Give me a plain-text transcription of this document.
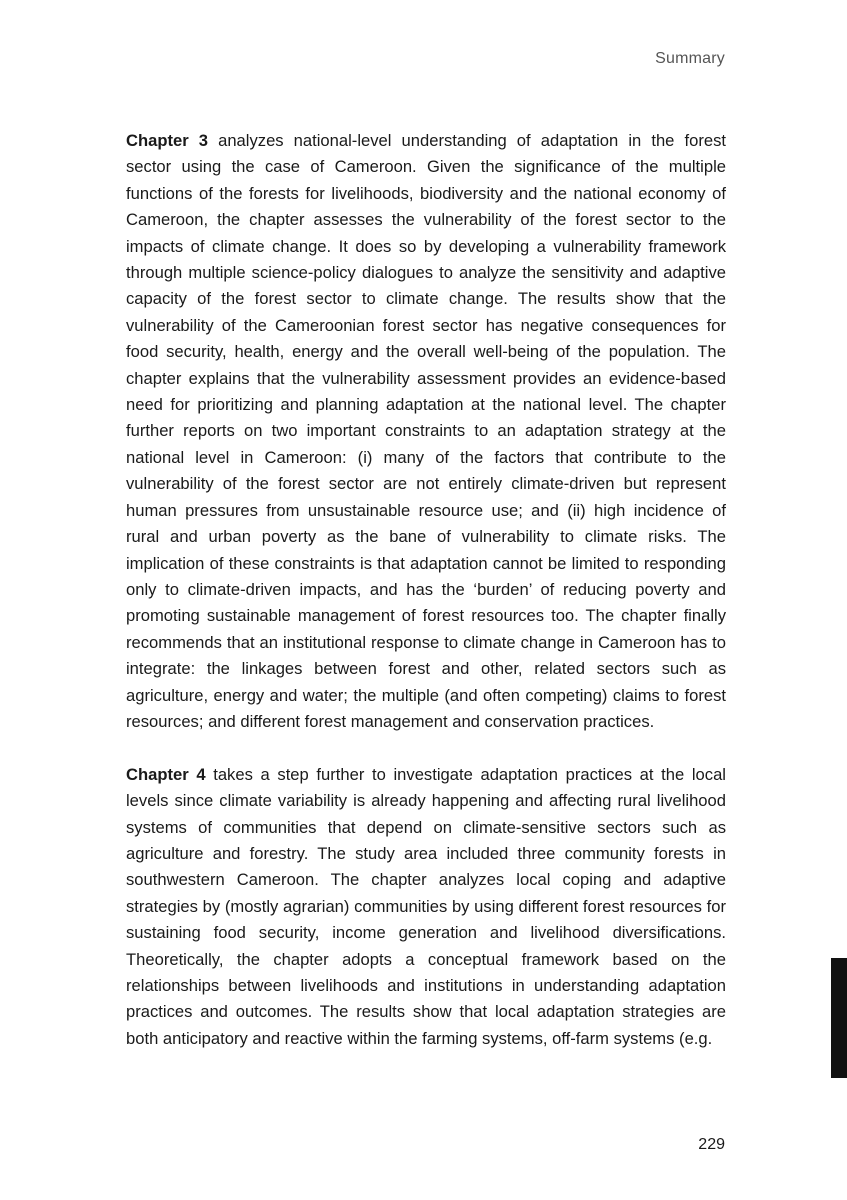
Summary

Chapter 3 analyzes national-level understanding of adaptation in the forest sector using the case of Cameroon. Given the significance of the multiple functions of the forests for livelihoods, biodiversity and the national economy of Cameroon, the chapter assesses the vulnerability of the forest sector to the impacts of climate change. It does so by developing a vulnerability framework through multiple science-policy dialogues to analyze the sensitivity and adaptive capacity of the forest sector to climate change. The results show that the vulnerability of the Cameroonian forest sector has negative consequences for food security, health, energy and the overall well-being of the population. The chapter explains that the vulnerability assessment provides an evidence-based need for prioritizing and planning adaptation at the national level. The chapter further reports on two important constraints to an adaptation strategy at the national level in Cameroon: (i) many of the factors that contribute to the vulnerability of the forest sector are not entirely climate-driven but represent human pressures from unsustainable resource use; and (ii) high incidence of rural and urban poverty as the bane of vulnerability to climate risks. The implication of these constraints is that adaptation cannot be limited to responding only to climate-driven impacts, and has the ‘burden’ of reducing poverty and promoting sustainable management of forest resources too. The chapter finally recommends that an institutional response to climate change in Cameroon has to integrate: the linkages between forest and other, related sectors such as agriculture, energy and water; the multiple (and often competing) claims to forest resources; and different forest management and conservation practices.

Chapter 4 takes a step further to investigate adaptation practices at the local levels since climate variability is already happening and affecting rural livelihood systems of communities that depend on climate-sensitive sectors such as agriculture and forestry. The study area included three community forests in southwestern Cameroon. The chapter analyzes local coping and adaptive strategies by (mostly agrarian) communities by using different forest resources for sustaining food security, income generation and livelihood diversifications. Theoretically, the chapter adopts a conceptual framework based on the relationships between livelihoods and institutions in understanding adaptation practices and outcomes. The results show that local adaptation strategies are both anticipatory and reactive within the farming systems, off-farm systems (e.g.

229
